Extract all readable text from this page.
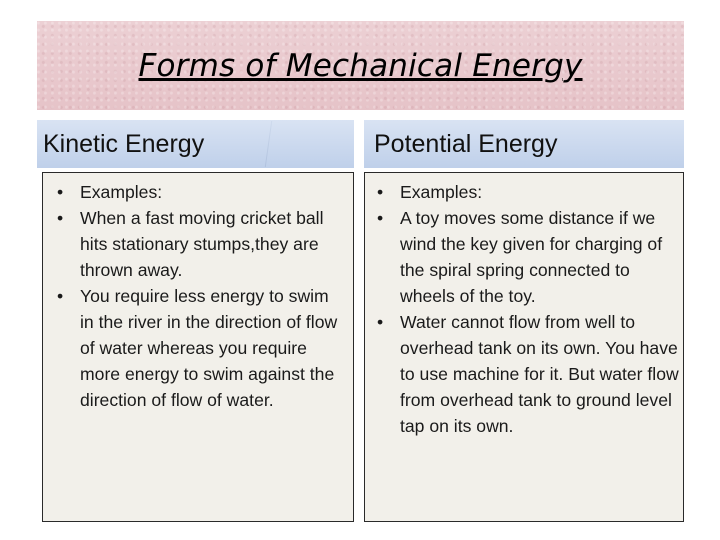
Forms of Mechanical Energy
Kinetic Energy	Potential Energy
• Examples:
• When a fast moving cricket ball hits stationary stumps,they are thrown away.
• You require less energy to swim in the river in the direction of flow of water whereas you require more energy to swim against the direction of flow of water.
• Examples:
• A toy moves some distance if we wind the key given for charging of the spiral spring connected to wheels of the toy.
• Water cannot flow from well to overhead tank on its own. You have to use machine for it. But water flow from overhead tank to ground level tap on its own.
